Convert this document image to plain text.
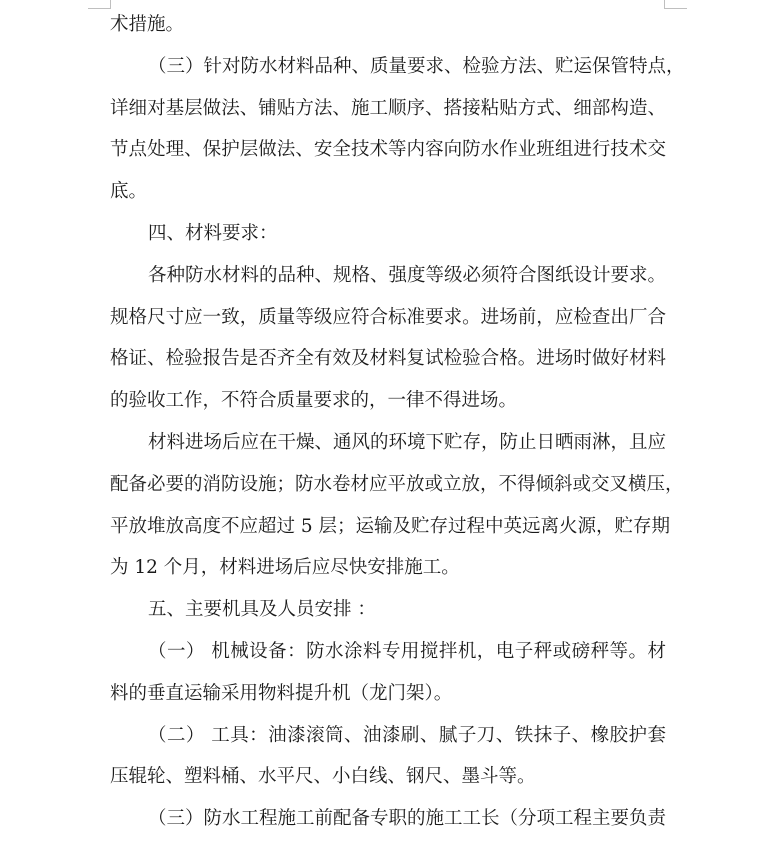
术措施。
（三）针对防水材料品种、质量要求、检验方法、贮运保管特点，
详细对基层做法、铺贴方法、施工顺序、搭接粘贴方式、细部构造、
节点处理、保护层做法、安全技术等内容向防水作业班组进行技术交
底。
四、材料要求：
各种防水材料的品种、规格、强度等级必须符合图纸设计要求。
规格尺寸应一致，质量等级应符合标准要求。进场前，应检查出厂合
格证、检验报告是否齐全有效及材料复试检验合格。进场时做好材料
的验收工作，不符合质量要求的，一律不得进场。
材料进场后应在干燥、通风的环境下贮存，防止日晒雨淋，且应
配备必要的消防设施；防水卷材应平放或立放，不得倾斜或交叉横压，
平放堆放高度不应超过 5 层；运输及贮存过程中英远离火源，贮存期
为 12 个月，材料进场后应尽快安排施工。
五、主要机具及人员安排 ：
（一） 机械设备：防水涂料专用搅拌机，电子秤或磅秤等。材
料的垂直运输采用物料提升机（龙门架）。
（二） 工具：油漆滚筒、油漆刷、腻子刀、铁抹子、橡胶护套
压辊轮、塑料桶、水平尺、小白线、钢尺、墨斗等。
（三）防水工程施工前配备专职的施工工长（分项工程主要负责
